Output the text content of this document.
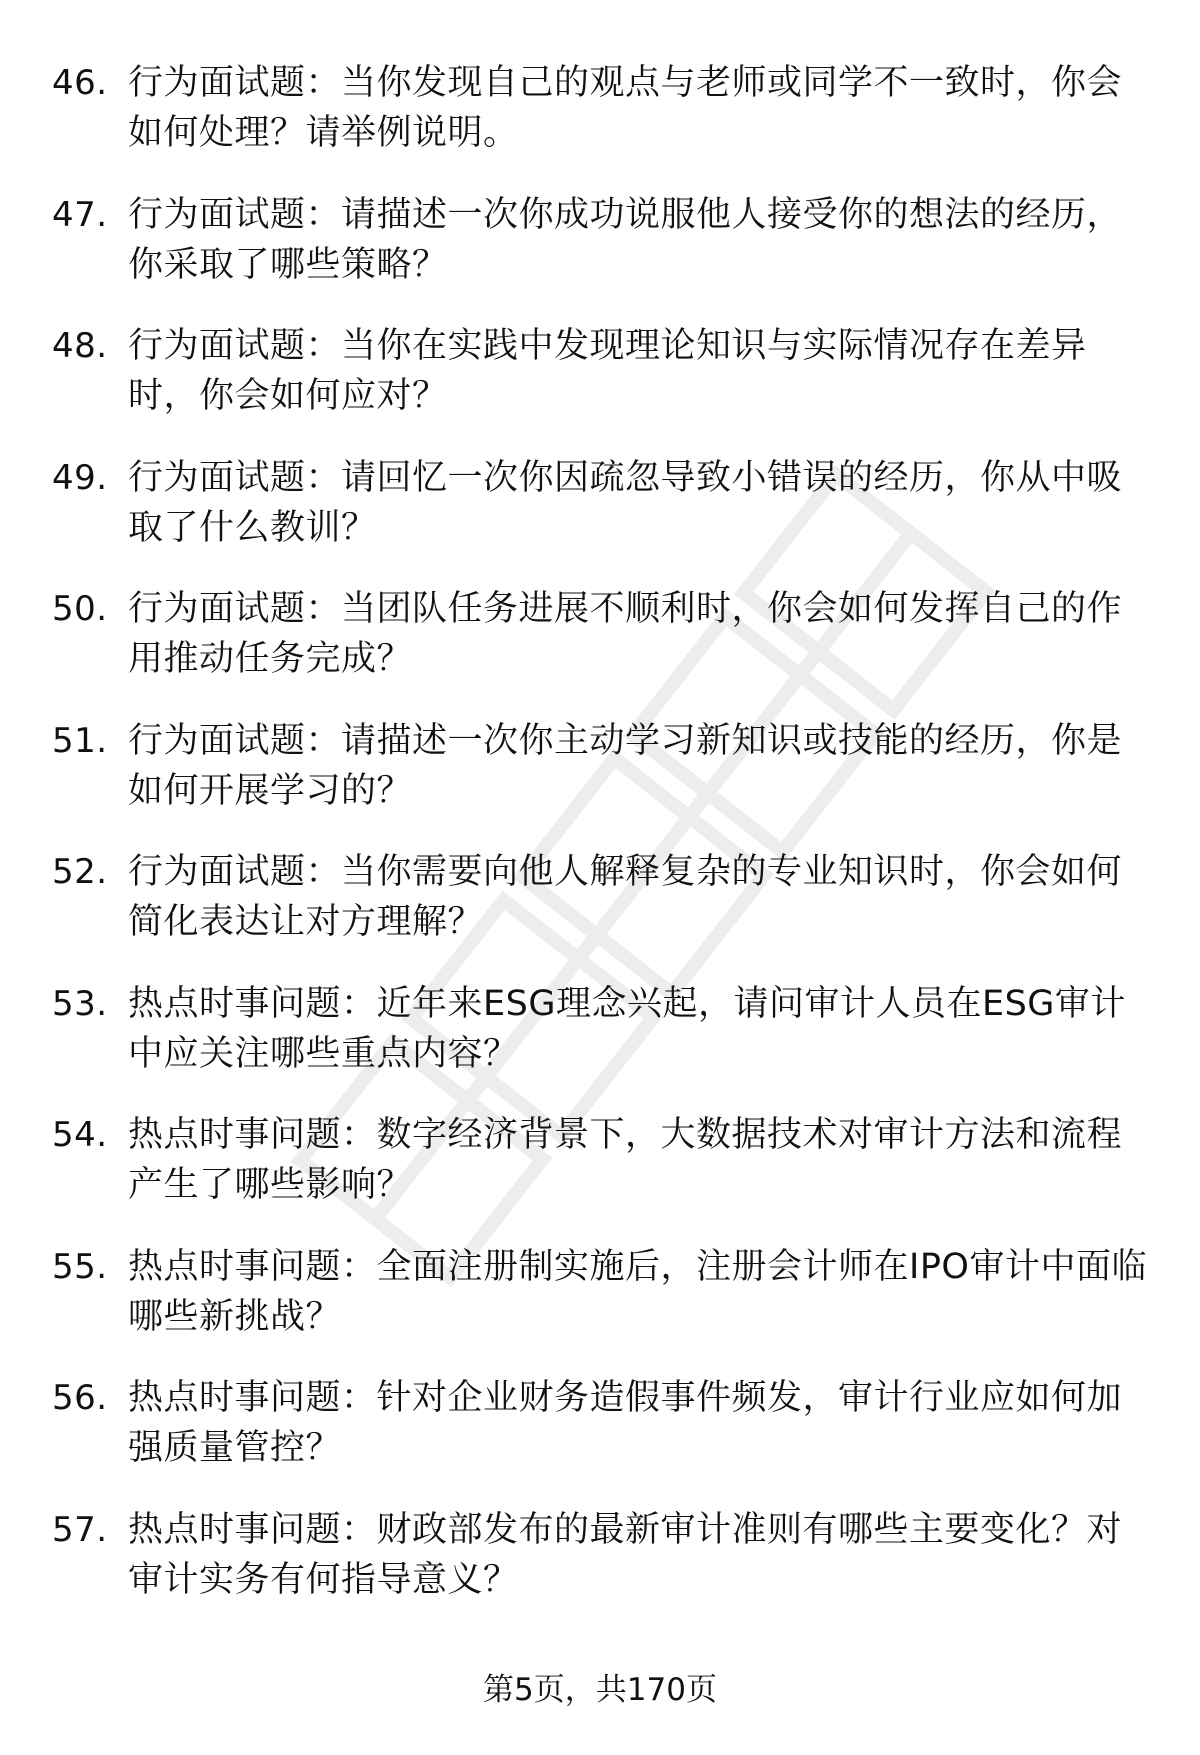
46. 行为面试题：当你发现自己的观点与老师或同学不一致时，你会如何处理？请举例说明。
47. 行为面试题：请描述一次你成功说服他人接受你的想法的经历，你采取了哪些策略？
48. 行为面试题：当你在实践中发现理论知识与实际情况存在差异时，你会如何应对？
49. 行为面试题：请回忆一次你因疏忽导致小错误的经历，你从中吸取了什么教训？
50. 行为面试题：当团队任务进展不顺利时，你会如何发挥自己的作用推动任务完成？
51. 行为面试题：请描述一次你主动学习新知识或技能的经历，你是如何开展学习的？
52. 行为面试题：当你需要向他人解释复杂的专业知识时，你会如何简化表达让对方理解？
53. 热点时事问题：近年来ESG理念兴起，请问审计人员在ESG审计中应关注哪些重点内容？
54. 热点时事问题：数字经济背景下，大数据技术对审计方法和流程产生了哪些影响？
55. 热点时事问题：全面注册制实施后，注册会计师在IPO审计中面临哪些新挑战？
56. 热点时事问题：针对企业财务造假事件频发，审计行业应如何加强质量管控？
57. 热点时事问题：财政部发布的最新审计准则有哪些主要变化？对审计实务有何指导意义？
第5页，共170页
